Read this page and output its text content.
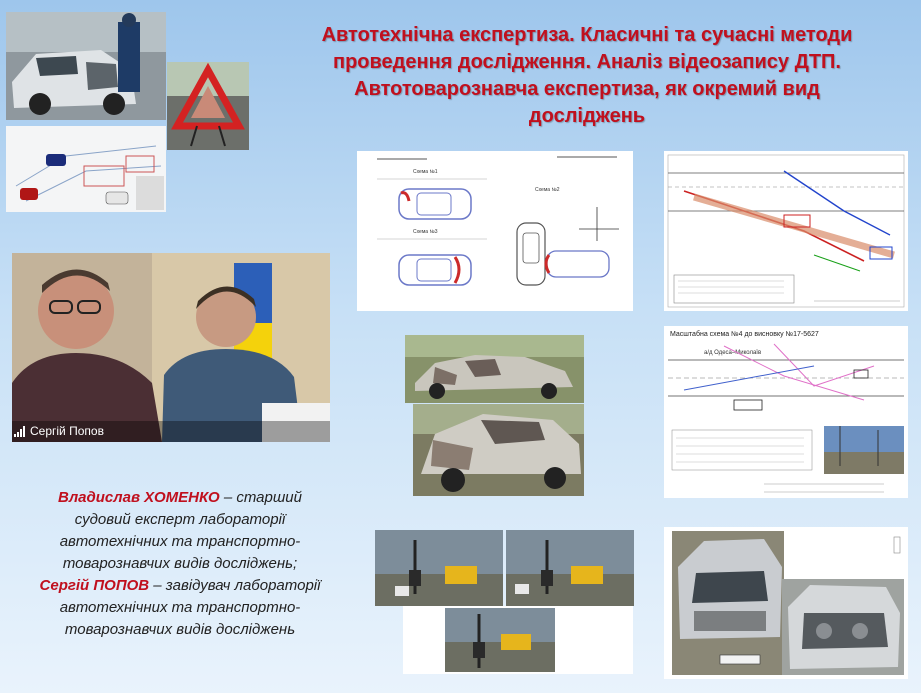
Автотехнічна експертиза. Класичні та сучасні методи
проведення дослідження. Аналіз відеозапису ДТП.
Автотоварознавча експертиза, як окремий вид
досліджень
Сергій Попов
Владислав ХОМЕНКО – старший
судовий експерт лабораторії
автотехнічних та транспортно-
товарознавчих видів досліджень;
Сергій ПОПОВ – завідувач лабораторії
автотехнічних та транспортно-
товарознавчих видів досліджень
Схема №1
Схема №2
Схема №3
Масштабна схема №4 до висновку №17-5627
а/д Одеса–Миколаїв
